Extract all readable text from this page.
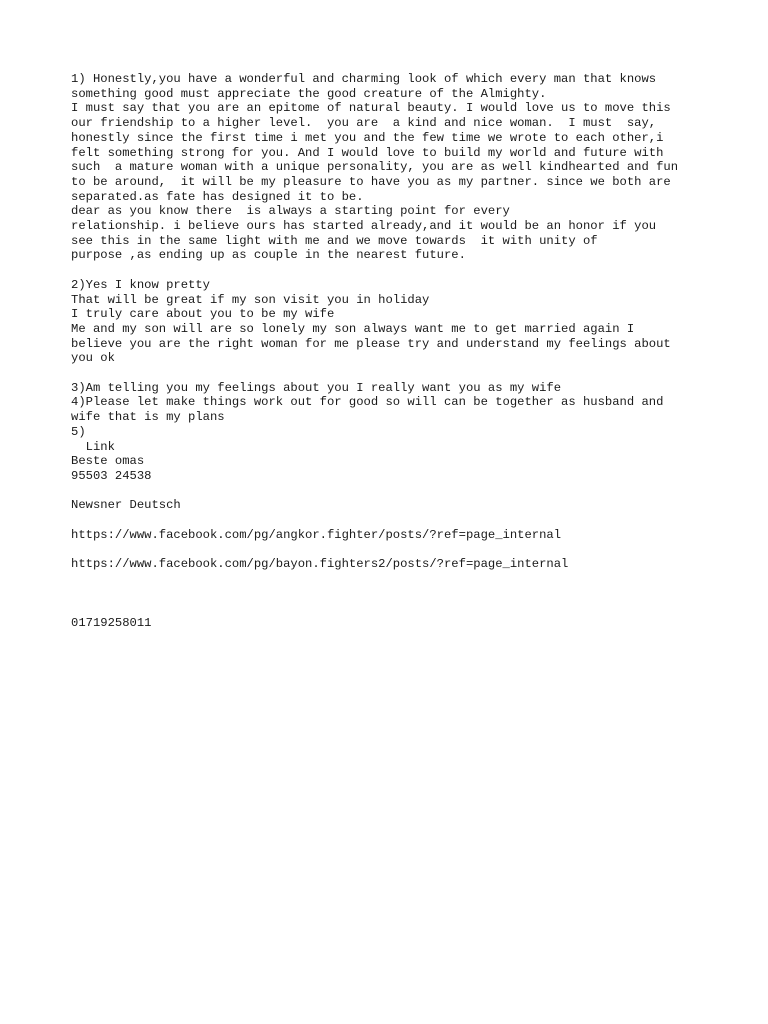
1) Honestly,you have a wonderful and charming look of which every man that knows
something good must appreciate the good creature of the Almighty.
I must say that you are an epitome of natural beauty. I would love us to move this
our friendship to a higher level.  you are  a kind and nice woman.  I must  say,
honestly since the first time i met you and the few time we wrote to each other,i
felt something strong for you. And I would love to build my world and future with
such  a mature woman with a unique personality, you are as well kindhearted and fun
to be around,  it will be my pleasure to have you as my partner. since we both are
separated.as fate has designed it to be.
dear as you know there  is always a starting point for every
relationship. i believe ours has started already,and it would be an honor if you
see this in the same light with me and we move towards  it with unity of
purpose ,as ending up as couple in the nearest future.
2)Yes I know pretty
That will be great if my son visit you in holiday
I truly care about you to be my wife
Me and my son will are so lonely my son always want me to get married again I
believe you are the right woman for me please try and understand my feelings about
you ok
3)Am telling you my feelings about you I really want you as my wife
4)Please let make things work out for good so will can be together as husband and
wife that is my plans
5)
Link
Beste omas
95503 24538
Newsner Deutsch
https://www.facebook.com/pg/angkor.fighter/posts/?ref=page_internal
https://www.facebook.com/pg/bayon.fighters2/posts/?ref=page_internal
01719258011
